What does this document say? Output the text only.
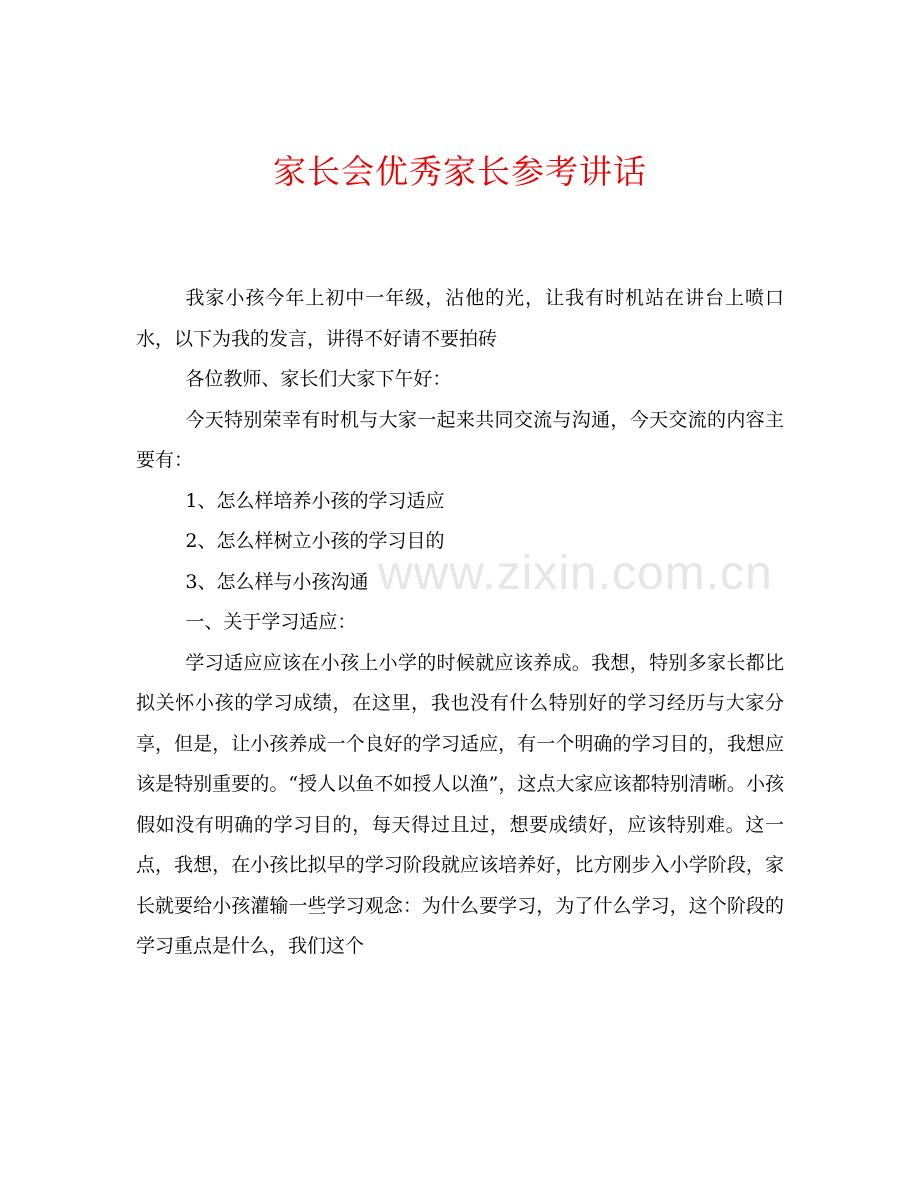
www.zixin.com.cn
家长会优秀家长参考讲话

我家小孩今年上初中一年级，沾他的光，让我有时机站在讲台上喷口水，以下为我的发言，讲得不好请不要拍砖

各位教师、家长们大家下午好：

今天特别荣幸有时机与大家一起来共同交流与沟通，今天交流的内容主要有：

1、怎么样培养小孩的学习适应

2、怎么样树立小孩的学习目的

3、怎么样与小孩沟通

一、关于学习适应：

学习适应应该在小孩上小学的时候就应该养成。我想，特别多家长都比拟关怀小孩的学习成绩，在这里，我也没有什么特别好的学习经历与大家分享，但是，让小孩养成一个良好的学习适应，有一个明确的学习目的，我想应该是特别重要的。“授人以鱼不如授人以渔”，这点大家应该都特别清晰。小孩假如没有明确的学习目的，每天得过且过，想要成绩好，应该特别难。这一点，我想，在小孩比拟早的学习阶段就应该培养好，比方刚步入小学阶段，家长就要给小孩灌输一些学习观念：为什么要学习，为了什么学习，这个阶段的学习重点是什么，我们这个
